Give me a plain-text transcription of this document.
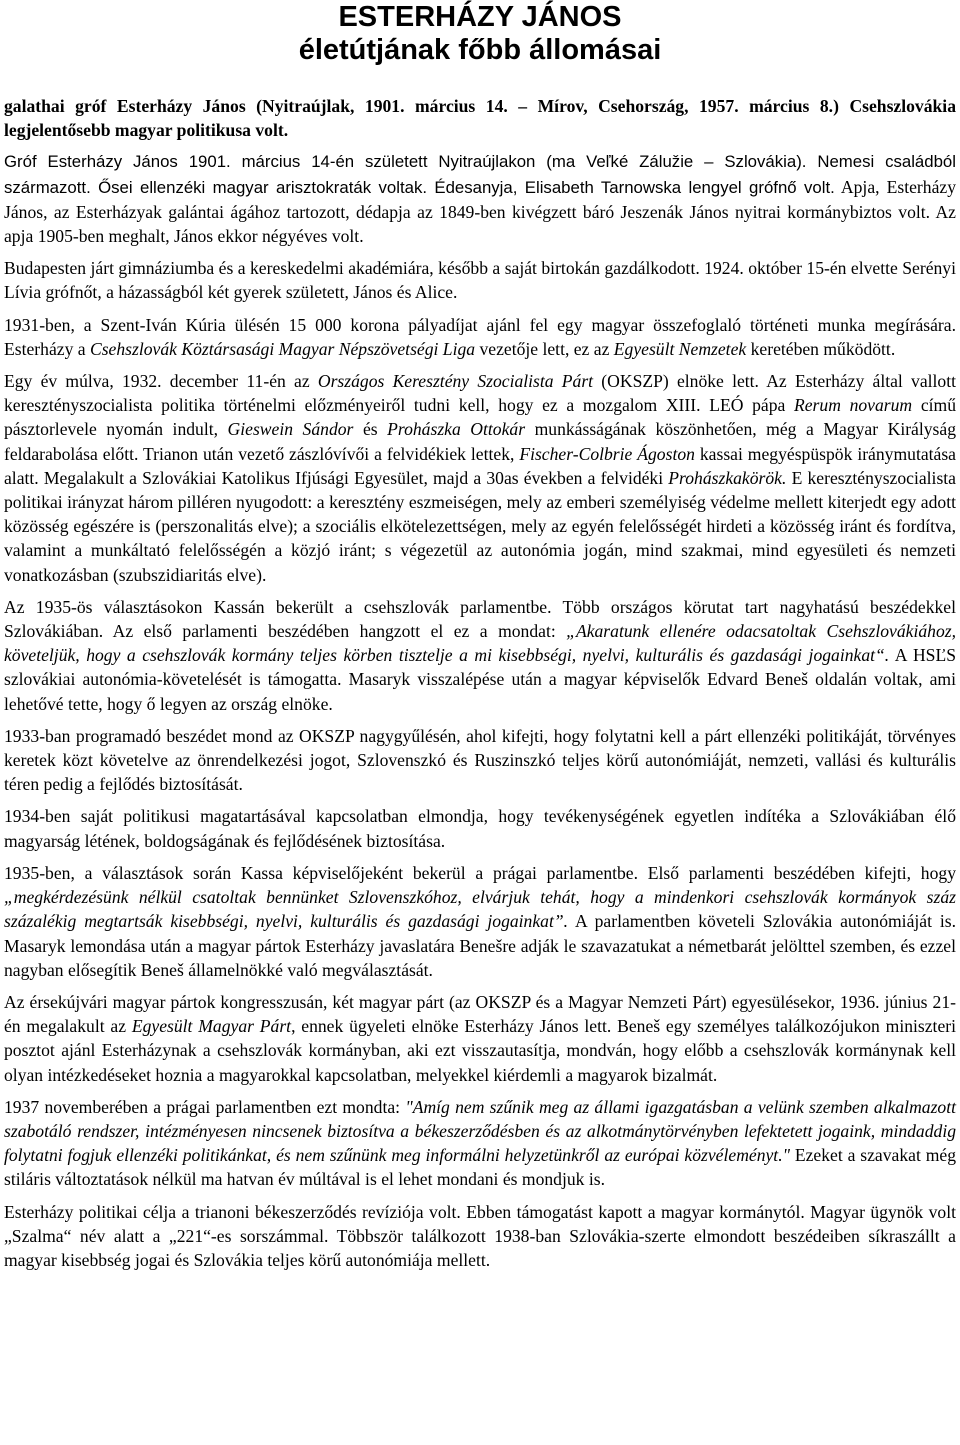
ESTERHÁZY JÁNOS
életútjának főbb állomásai

galathai gróf Esterházy János (Nyitraújlak, 1901. március 14. – Mírov, Csehország, 1957. március 8.) Csehszlovákia legjelentősebb magyar politikusa volt.

Gróf Esterházy János 1901. március 14-én született Nyitraújlakon (ma Veľké Zálužie – Szlovákia). Nemesi családból származott. Ősei ellenzéki magyar arisztokraták voltak. Édesanyja, Elisabeth Tarnowska lengyel grófnő volt. Apja, Esterházy János, az Esterházyak galántai ágához tartozott, dédapja az 1849-ben kivégzett báró Jeszenák János nyitrai kormánybiztos volt. Az apja 1905-ben meghalt, János ekkor négyéves volt.

Budapesten járt gimnáziumba és a kereskedelmi akadémiára, később a saját birtokán gazdálkodott. 1924. október 15-én elvette Serényi Lívia grófnőt, a házasságból két gyerek született, János és Alice.

1931-ben, a Szent-Iván Kúria ülésén 15 000 korona pályadíjat ajánl fel egy magyar összefoglaló történeti munka megírására. Esterházy a Csehszlovák Köztársasági Magyar Népszövetségi Liga vezetője lett, ez az Egyesült Nemzetek keretében működött.

Egy év múlva, 1932. december 11-én az Országos Keresztény Szocialista Párt (OKSZP) elnöke lett. Az Esterházy által vallott keresztényszocialista politika történelmi előzményeiről tudni kell, hogy ez a mozgalom XIII. LEÓ pápa Rerum novarum című pásztorlevele nyomán indult, Gieswein Sándor és Prohászka Ottokár munkásságának köszönhetően, még a Magyar Királyság feldarabolása előtt. Trianon után vezető zászlóvívői a felvidékiek lettek, Fischer-Colbrie Ágoston kassai megyéspüspök iránymutatása alatt. Megalakult a Szlovákiai Katolikus Ifjúsági Egyesület, majd a 30as években a felvidéki Prohászkakörök. E keresztényszocialista politikai irányzat három pilléren nyugodott: a keresztény eszmeiségen, mely az emberi személyiség védelme mellett kiterjedt egy adott közösség egészére is (perszonalitás elve); a szociális elkötelezettségen, mely az egyén felelősségét hirdeti a közösség iránt és fordítva, valamint a munkáltató felelősségén a közjó iránt; s végezetül az autonómia jogán, mind szakmai, mind egyesületi és nemzeti vonatkozásban (szubszidiaritás elve).

Az 1935-ös választásokon Kassán bekerült a csehszlovák parlamentbe. Több országos körutat tart nagyhatású beszédekkel Szlovákiában. Az első parlamenti beszédében hangzott el ez a mondat: „Akaratunk ellenére odacsatoltak Csehszlovákiához, követeljük, hogy a csehszlovák kormány teljes körben tisztelje a mi kisebbségi, nyelvi, kulturális és gazdasági jogainkat“. A HSĽS szlovákiai autonómia-követelését is támogatta. Masaryk visszalépése után a magyar képviselők Edvard Beneš oldalán voltak, ami lehetővé tette, hogy ő legyen az ország elnöke.

1933-ban programadó beszédet mond az OKSZP nagygyűlésén, ahol kifejti, hogy folytatni kell a párt ellenzéki politikáját, törvényes keretek közt követelve az önrendelkezési jogot, Szlovenszkó és Ruszinszkó teljes körű autonómiáját, nemzeti, vallási és kulturális téren pedig a fejlődés biztosítását.

1934-ben saját politikusi magatartásával kapcsolatban elmondja, hogy tevékenységének egyetlen indítéka a Szlovákiában élő magyarság létének, boldogságának és fejlődésének biztosítása.

1935-ben, a választások során Kassa képviselőjeként bekerül a prágai parlamentbe. Első parlamenti beszédében kifejti, hogy „megkérdezésünk nélkül csatoltak bennünket Szlovenszkóhoz, elvárjuk tehát, hogy a mindenkori csehszlovák kormányok száz százalékig megtartsák kisebbségi, nyelvi, kulturális és gazdasági jogainkat”. A parlamentben követeli Szlovákia autonómiáját is. Masaryk lemondása után a magyar pártok Esterházy javaslatára Benešre adják le szavazatukat a németbarát jelölttel szemben, és ezzel nagyban elősegítik Beneš államelnökké való megválasztását.

Az érsekújvári magyar pártok kongresszusán, két magyar párt (az OKSZP és a Magyar Nemzeti Párt) egyesülésekor, 1936. június 21-én megalakult az Egyesült Magyar Párt, ennek ügyeleti elnöke Esterházy János lett. Beneš egy személyes találkozójukon miniszteri posztot ajánl Esterházynak a csehszlovák kormányban, aki ezt visszautasítja, mondván, hogy előbb a csehszlovák kormánynak kell olyan intézkedéseket hoznia a magyarokkal kapcsolatban, melyekkel kiérdemli a magyarok bizalmát.

1937 novemberében a prágai parlamentben ezt mondta: "Amíg nem szűnik meg az állami igazgatásban a velünk szemben alkalmazott szabotáló rendszer, intézményesen nincsenek biztosítva a békeszerződésben és az alkotmánytörvényben lefektetett jogaink, mindaddig folytatni fogjuk ellenzéki politikánkat, és nem szűnünk meg informálni helyzetünkről az európai közvéleményt." Ezeket a szavakat még stiláris változtatások nélkül ma hatvan év múltával is el lehet mondani és mondjuk is.

Esterházy politikai célja a trianoni békeszerződés revíziója volt. Ebben támogatást kapott a magyar kormánytól. Magyar ügynök volt „Szalma“ név alatt a „221“-es sorszámmal. Többször találkozott 1938-ban Szlovákia-szerte elmondott beszédeiben síkraszállt a magyar kisebbség jogai és Szlovákia teljes körű autonómiája mellett.
